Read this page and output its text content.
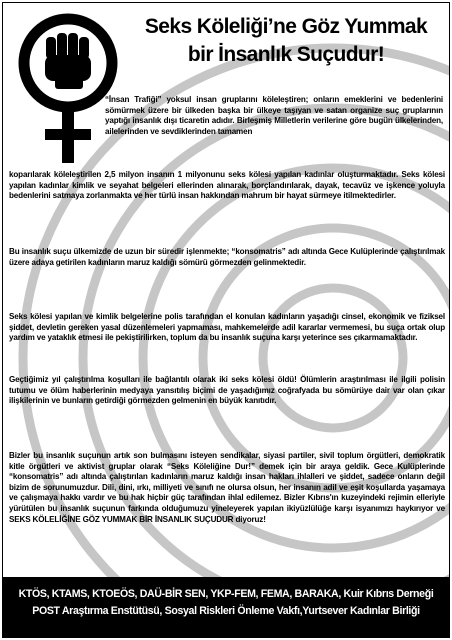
Seks Köleliği’ne Göz Yummak
bir İnsanlık Suçudur!

“İnsan Trafiği” yoksul insan gruplarını köleleştiren; onların emeklerini ve bedenlerini sömürmek üzere bir ülkeden başka bir ülkeye taşıyan ve satan organize suç gruplarının yaptığı insanlık dışı ticaretin adıdır. Birleşmiş Milletlerin verilerine göre bugün ülkelerinden, ailelerinden ve sevdiklerinden tamamen

koparılarak köleleştirilen 2,5 milyon insanın 1 milyonunu seks kölesi yapılan kadınlar oluşturmaktadır. Seks kölesi yapılan kadınlar kimlik ve seyahat belgeleri ellerinden alınarak, borçlandırılarak, dayak, tecavüz ve işkence yoluyla bedenlerini satmaya zorlanmakta ve her türlü insan hakkından mahrum bir hayat sürmeye itilmektedirler.

Bu insanlık suçu ülkemizde de uzun bir süredir işlenmekte; “konsomatris” adı altında Gece Kulüplerinde çalıştırılmak üzere adaya getirilen kadınların maruz kaldığı sömürü görmezden gelinmektedir.

Seks kölesi yapılan ve kimlik belgelerine polis tarafından el konulan kadınların yaşadığı cinsel, ekonomik ve fiziksel şiddet, devletin gereken yasal düzenlemeleri yapmaması, mahkemelerde adil kararlar vermemesi, bu suça ortak olup yardım ve yataklık etmesi ile pekiştirilirken, toplum da bu insanlık suçuna karşı yeterince ses çıkarmamaktadır.

Geçtiğimiz yıl çalıştırılma koşulları ile bağlantılı olarak iki seks kölesi öldü! Ölümlerin araştırılması ile ilgili polisin tutumu ve ölüm haberlerinin medyaya yansıtılış biçimi de yaşadığımız coğrafyada bu sömürüye dair var olan çıkar ilişkilerinin ve bunların getirdiği görmezden gelmenin en büyük kanıtıdır.

Bizler bu insanlık suçunun artık son bulmasını isteyen sendikalar, siyasi partiler, sivil toplum örgütleri, demokratik kitle örgütleri ve aktivist gruplar olarak “Seks Köleliğine Dur!” demek için bir araya geldik. Gece Kulüplerinde “konsomatris” adı altında çalıştırılan kadınların maruz kaldığı insan hakları ihlalleri ve şiddet, sadece onların değil bizim de sorunumuzdur. Dili, dini, ırkı, milliyeti ve sınıfı ne olursa olsun, her insanın adil ve eşit koşullarda yaşamaya ve çalışmaya hakkı vardır ve bu hak hiçbir güç tarafından ihlal edilemez. Bizler Kıbrıs'ın kuzeyindeki rejimin elleriyle yürütülen bu insanlık suçunun farkında olduğumuzu yineleyerek yapılan ikiyüzlülüğe karşı isyanımızı haykırıyor ve SEKS KÖLELİĞİNE GÖZ YUMMAK BİR İNSANLIK SUÇUDUR diyoruz!

KTÖS, KTAMS, KTOEÖS, DAÜ-BİR SEN, YKP-FEM, FEMA, BARAKA, Kuir Kıbrıs Derneği
POST Araştırma Enstütüsü, Sosyal Riskleri Önleme Vakfı,Yurtsever Kadınlar Birliği
